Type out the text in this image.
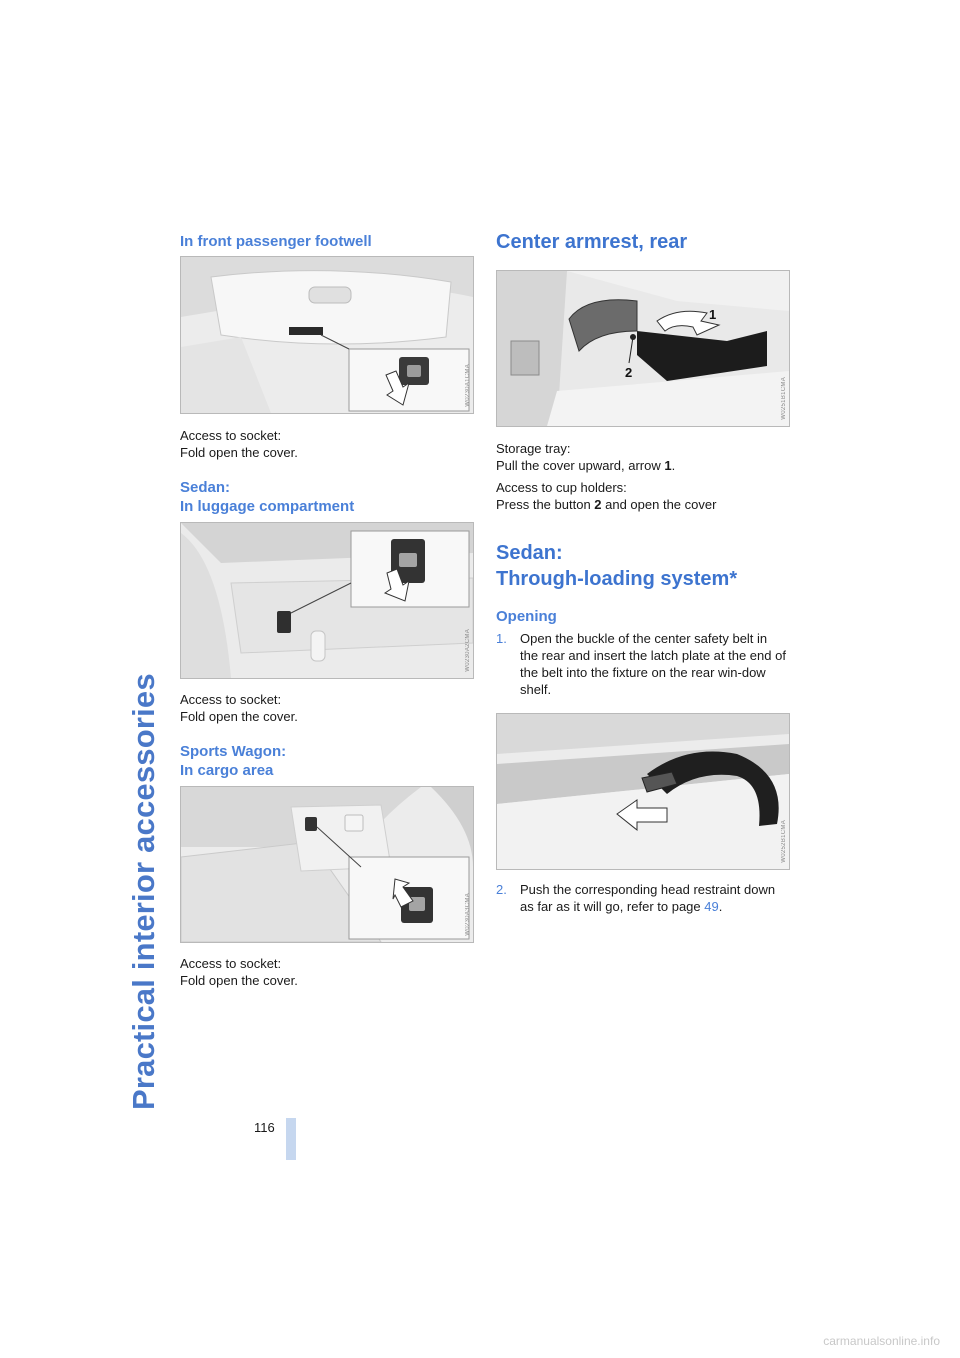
Practical interior accessories
In front passenger footwell
W0230A1CMA

Access to socket:

Fold open the cover.

Sedan:
In luggage compartment
W0230A2CMA

Access to socket:

Fold open the cover.

Sports Wagon:
In cargo area
W0230A3CMA

Access to socket:

Fold open the cover.

Center armrest, rear
2
1
W0251B1CMA

Storage tray:

Pull the cover upward, arrow 1.

Access to cup holders:

Press the button 2 and open the cover

Sedan:
Through-loading system*
Opening
1. Open the buckle of the center safety belt in the rear and insert the latch plate at the end of the belt into the fixture on the rear win-dow shelf.
W0252B1CMA
2. Push the corresponding head restraint down as far as it will go, refer to page 49.
116
carmanualsonline.info
